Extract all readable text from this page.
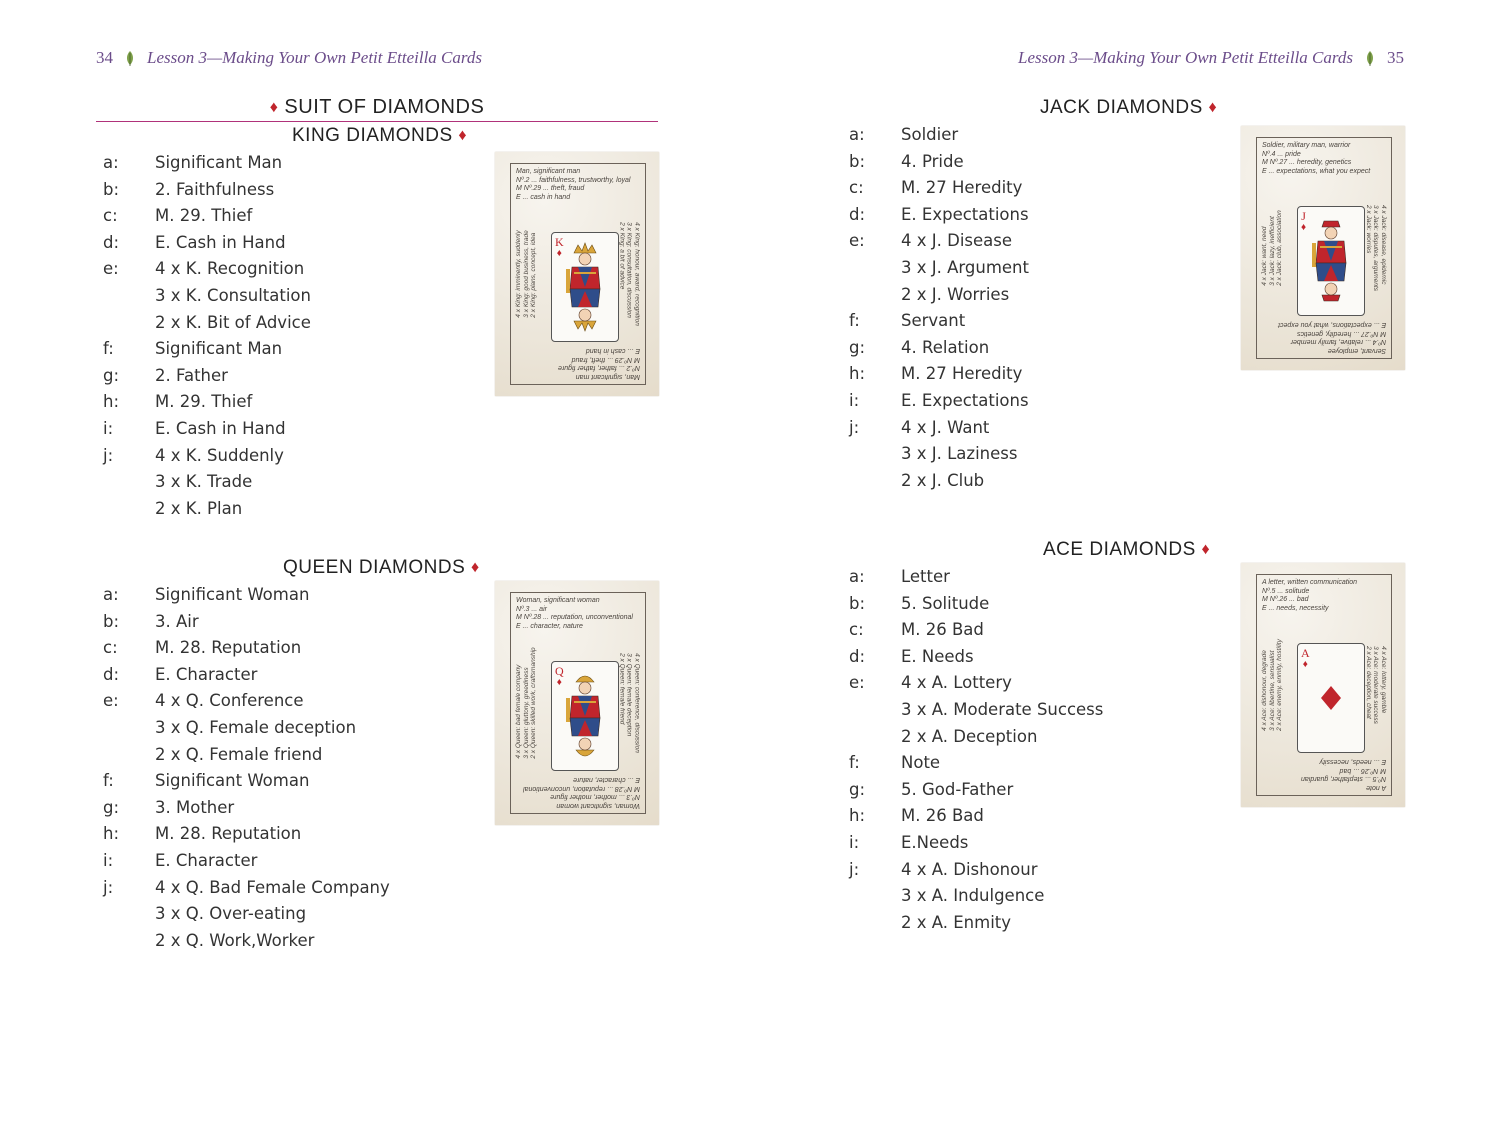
34 Lesson 3—Making Your Own Petit Etteilla Cards
♦ SUIT OF DIAMONDS
KING DIAMONDS ♦
a:	Significant Man
b:	2. Faithfulness
c:	M. 29. Thief
d:	E. Cash in Hand
e:	4 x K. Recognition
3 x K. Consultation
2 x K. Bit of Advice
f:	Significant Man
g:	2. Father
h:	M. 29. Thief
i:	E. Cash in Hand
j:	4 x K. Suddenly
3 x K. Trade
2 x K. Plan
Man, significant man
Nº.2 ... faithfulness, trustworthy, loyal
M Nº.29 ... theft, fraud
E ... cash in hand
Man, significant man
Nº.2 ... father, father figure
M Nº.29 ... theft, fraud
E ... cash in hand
4 x King: imminently, suddenly 3 x King: good business, trade 2 x King: plans, concept, idea	4 x King: honour, award, recognition
3 x King: consultation, discussion
2 x King: a bit of advice
K
♦
QUEEN DIAMONDS ♦
a:	Significant Woman
b:	3. Air
c:	M. 28. Reputation
d:	E. Character
e:	4 x Q. Conference
3 x Q. Female deception
2 x Q. Female friend
f:	Significant Woman
g:	3. Mother
h:	M. 28. Reputation
i:	E. Character
j:	4 x Q. Bad Female Company
3 x Q. Over-eating
2 x Q. Work,Worker
Woman, significant woman
Nº.3 ... air
M Nº.28 ... reputation, unconventional
E ... character, nature
Woman, significant woman
Nº.3 ... mother, mother figure
M Nº.28 ... reputation, unconventional
E ... character, nature
4 x Queen: bad female company 3 x Queen: gluttony, greediness 2 x Queen: skilled work, craftsmanship	4 x Queen: conference, discussion
3 x Queen: female deception
2 x Queen: female friend
Q
♦
Lesson 3—Making Your Own Petit Etteilla Cards 35
JACK DIAMONDS ♦
a:	Soldier
b:	4. Pride
c:	M. 27 Heredity
d:	E. Expectations
e:	4 x J. Disease
3 x J. Argument
2 x J. Worries
f:	Servant
g:	4. Relation
h:	M. 27 Heredity
i:	E. Expectations
j:	4 x J. Want
3 x J. Laziness
2 x J. Club
Soldier, military man, warrior
Nº.4 ... pride
M Nº.27 ... heredity, genetics
E ... expectations, what you expect
Servant, employee
Nº.4 ... relative, family member
M Nº.27 ... heredity, genetics
E ... expectations, what you expect
4 x Jack: want, need 3 x Jack: lazy, inefficient 2 x Jack: club, association	4 x Jack: disease, epidemic
3 x Jack: disputes, arguments
2 x Jack: worries
J
♦
ACE DIAMONDS ♦
a:	Letter
b:	5. Solitude
c:	M. 26 Bad
d:	E. Needs
e:	4 x A. Lottery
3 x A. Moderate Success
2 x A. Deception
f:	Note
g:	5. God-Father
h:	M. 26 Bad
i:	E.Needs
j:	4 x A. Dishonour
3 x A. Indulgence
2 x A. Enmity
A letter, written communication
Nº.5 ... solitude
M Nº.26 ... bad
E ... needs, necessity
A note
Nº.5 ... stepfather, guardian
M Nº.26 ... bad
E ... needs, necessity
4 x Ace: dishonour, degrade 3 x Ace: libertine, sensualist 2 x Ace: enemy, enmity, hostility	4 x Ace: lottery, gamble
3 x Ace: moderate success
2 x Ace: deception, cheat
A
♦
